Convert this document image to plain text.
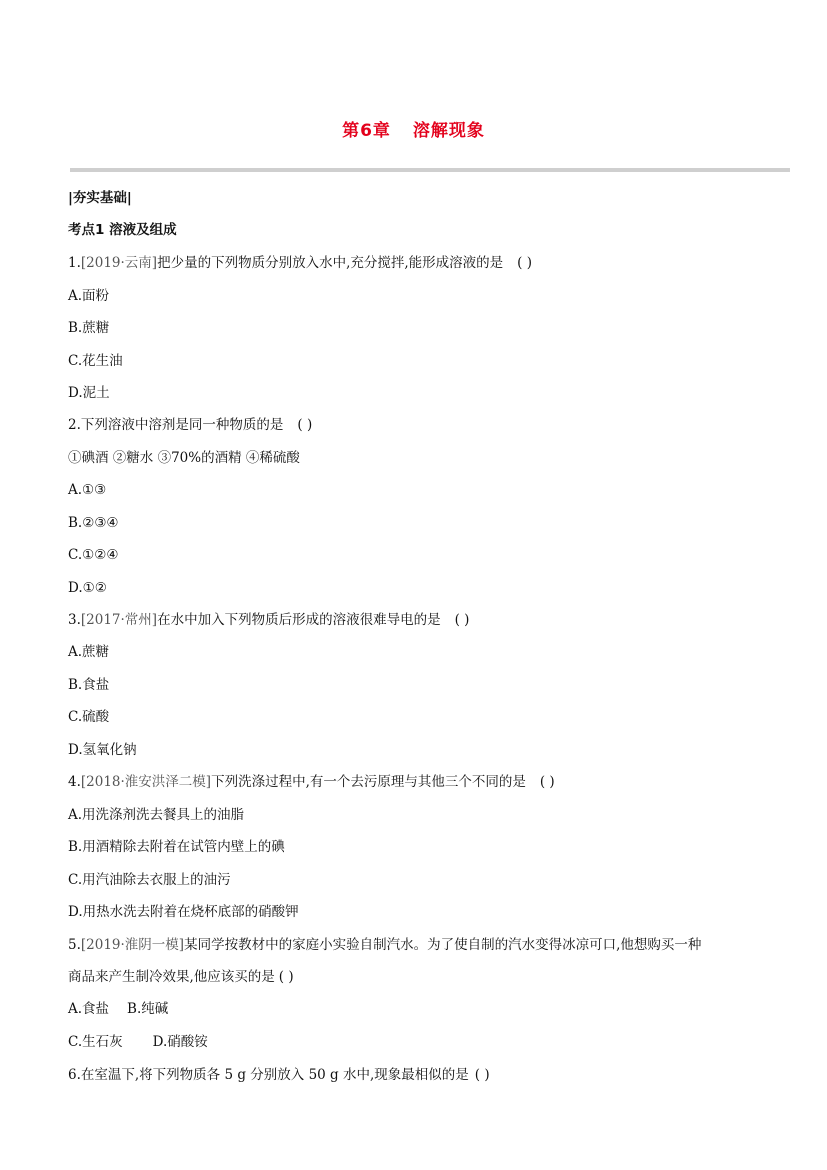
第6章 溶解现象
|夯实基础|
考点1 溶液及组成
1.[2019·云南]把少量的下列物质分别放入水中,充分搅拌,能形成溶液的是 ( )
A.面粉
B.蔗糖
C.花生油
D.泥土
2.下列溶液中溶剂是同一种物质的是 ( )
①碘酒 ②糖水 ③70%的酒精 ④稀硫酸
A.①③
B.②③④
C.①②④
D.①②
3.[2017·常州]在水中加入下列物质后形成的溶液很难导电的是 ( )
A.蔗糖
B.食盐
C.硫酸
D.氢氧化钠
4.[2018·淮安洪泽二模]下列洗涤过程中,有一个去污原理与其他三个不同的是 ( )
A.用洗涤剂洗去餐具上的油脂
B.用酒精除去附着在试管内壁上的碘
C.用汽油除去衣服上的油污
D.用热水洗去附着在烧杯底部的硝酸钾
5.[2019·淮阴一模]某同学按教材中的家庭小实验自制汽水。为了使自制的汽水变得冰凉可口,他想购买一种
商品来产生制冷效果,他应该买的是 ( )
A.食盐 B.纯碱
C.生石灰 D.硝酸铵
6.在室温下,将下列物质各 5 g 分别放入 50 g 水中,现象最相似的是 ( )
